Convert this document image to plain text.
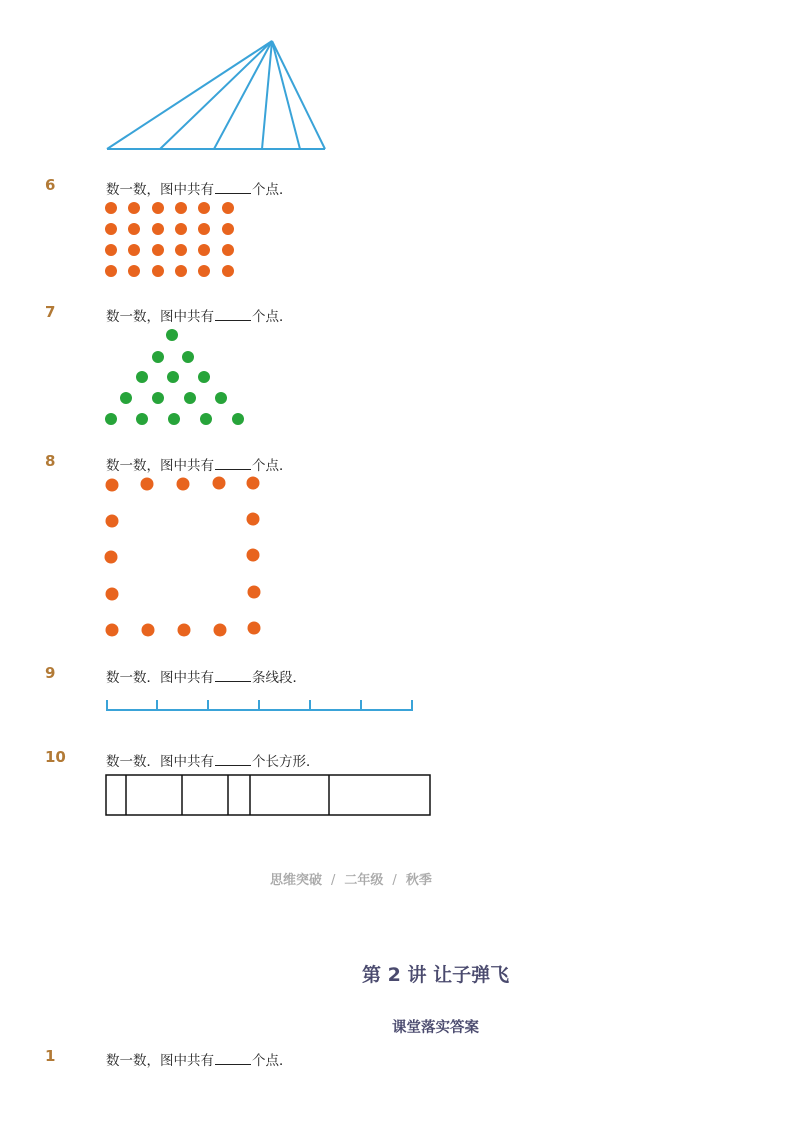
6	数一数，图中共有	个点．
7	数一数，图中共有	个点．
8	数一数，图中共有	个点．
9	数一数．图中共有	条线段．
10	数一数．图中共有	个长方形．
思维突破 / 二年级 / 秋季
第 2 讲 让子弹飞
课堂落实答案
1	数一数，图中共有	个点．
